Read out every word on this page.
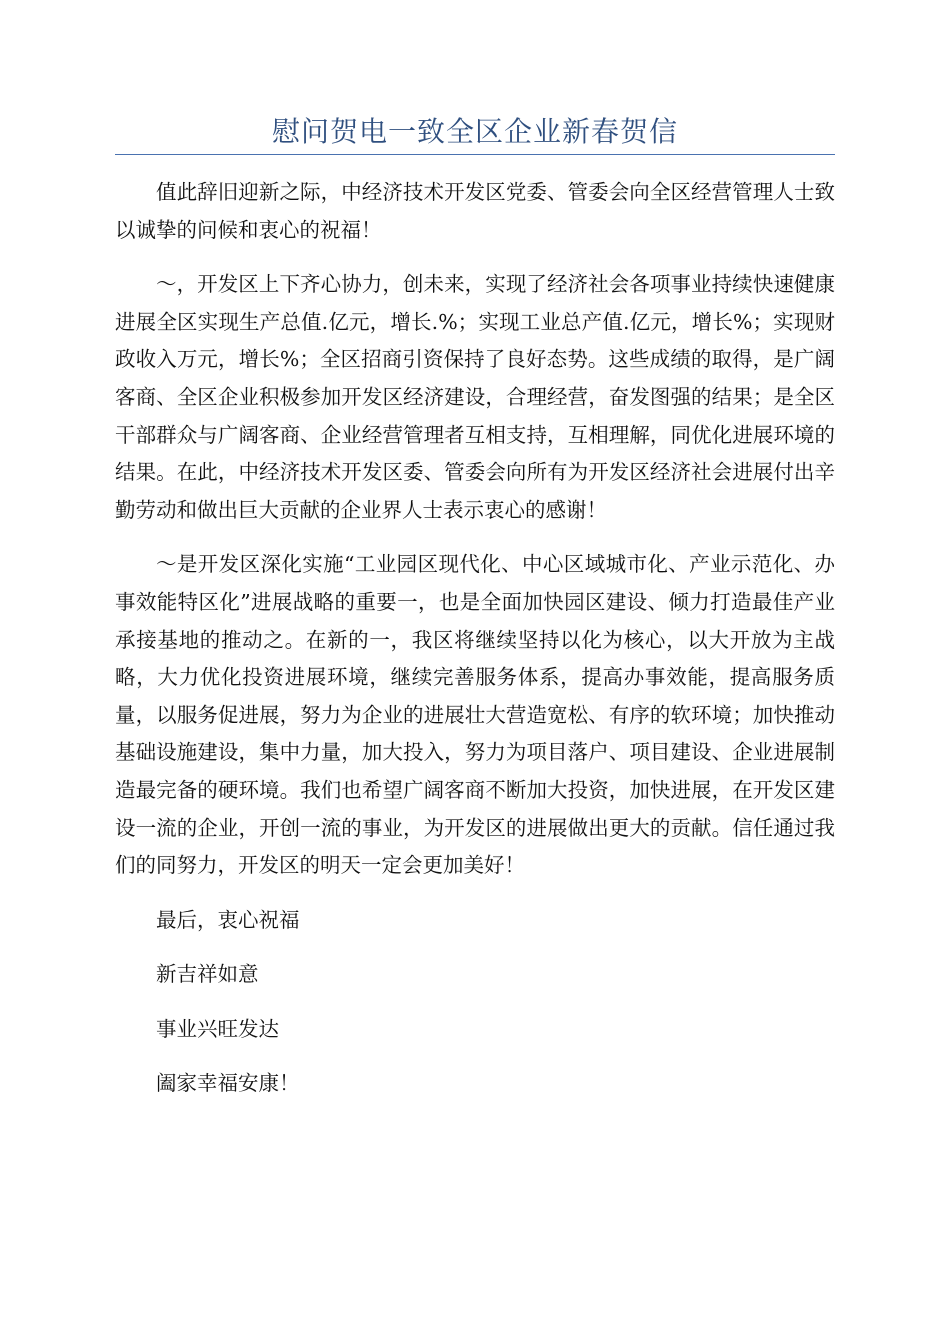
慰问贺电一致全区企业新春贺信

值此辞旧迎新之际，中经济技术开发区党委、管委会向全区经营管理人士致以诚挚的问候和衷心的祝福！

～，开发区上下齐心协力，创未来，实现了经济社会各项事业持续快速健康进展全区实现生产总值.亿元，增长.%；实现工业总产值.亿元，增长%；实现财政收入万元，增长%；全区招商引资保持了良好态势。这些成绩的取得，是广阔客商、全区企业积极参加开发区经济建设，合理经营，奋发图强的结果；是全区干部群众与广阔客商、企业经营管理者互相支持，互相理解，同优化进展环境的结果。在此，中经济技术开发区委、管委会向所有为开发区经济社会进展付出辛勤劳动和做出巨大贡献的企业界人士表示衷心的感谢！

～是开发区深化实施“工业园区现代化、中心区域城市化、产业示范化、办事效能特区化”进展战略的重要一，也是全面加快园区建设、倾力打造最佳产业承接基地的推动之。在新的一，我区将继续坚持以化为核心，以大开放为主战略，大力优化投资进展环境，继续完善服务体系，提高办事效能，提高服务质量，以服务促进展，努力为企业的进展壮大营造宽松、有序的软环境；加快推动基础设施建设，集中力量，加大投入，努力为项目落户、项目建设、企业进展制造最完备的硬环境。我们也希望广阔客商不断加大投资，加快进展，在开发区建设一流的企业，开创一流的事业，为开发区的进展做出更大的贡献。信任通过我们的同努力，开发区的明天一定会更加美好！

最后，衷心祝福

新吉祥如意

事业兴旺发达

阖家幸福安康！
